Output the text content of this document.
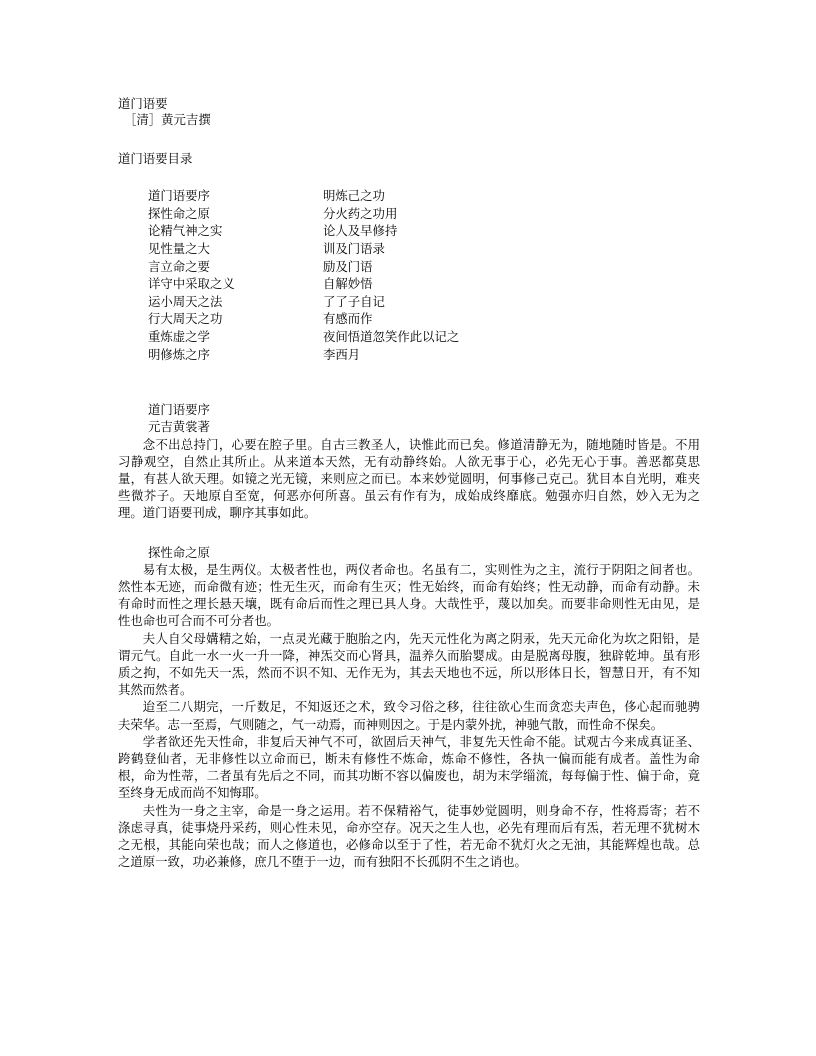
道门语要
［清］黄元吉撰
道门语要目录
道门语要序	明炼己之功
探性命之原	分火药之功用
论精气神之实	论人及早修持
见性量之大	训及门语录
言立命之要	励及门语
详守中采取之义	自解妙悟
运小周天之法	了了子自记
行大周天之功	有感而作
重炼虚之学	夜间悟道忽笑作此以记之
明修炼之序	李西月
道门语要序
元吉黄裳著

念不出总持门，心要在腔子里。自古三教圣人，诀惟此而已矣。修道清静无为，随地随时皆是。不用习静观空，自然止其所止。从来道本天然，无有动静终始。人欲无事于心，必先无心于事。善恶都莫思量，有甚人欲天理。如镜之光无镜，来则应之而已。本来妙觉圆明，何事修己克己。犹目本自光明，难夹些微芥子。天地原自至宽，何恶亦何所喜。虽云有作有为，成始成终靡底。勉强亦归自然，妙入无为之理。道门语要刊成，聊序其事如此。

探性命之原

易有太极，是生两仪。太极者性也，两仪者命也。名虽有二，实则性为之主，流行于阴阳之间者也。然性本无迹，而命微有迹；性无生灭，而命有生灭；性无始终，而命有始终；性无动静，而命有动静。未有命时而性之理长悬天壤，既有命后而性之理已具人身。大哉性乎，蔑以加矣。而要非命则性无由见，是性也命也可合而不可分者也。

夫人自父母媾精之始，一点灵光藏于胞胎之内，先天元性化为离之阴汞，先天元命化为坎之阳铅，是谓元气。自此一水一火一升一降，神炁交而心肾具，温养久而胎婴成。由是脱离母腹，独辟乾坤。虽有形质之拘，不如先天一炁，然而不识不知、无作无为，其去天地也不远，所以形体日长，智慧日开，有不知其然而然者。

迨至二八期完，一斤数足，不知返还之术，致令习俗之移，往往欲心生而贪恋夫声色，侈心起而驰骋夫荣华。志一至焉，气则随之，气一动焉，而神则因之。于是内蒙外扰，神驰气散，而性命不保矣。

学者欲还先天性命，非复后天神气不可，欲固后天神气，非复先天性命不能。试观古今来成真证圣、跨鹤登仙者，无非修性以立命而已，断未有修性不炼命，炼命不修性，各执一偏而能有成者。盖性为命根，命为性蒂，二者虽有先后之不同，而其功断不容以偏废也，胡为末学缁流，每每偏于性、偏于命，竟至终身无成而尚不知悔耶。

夫性为一身之主宰，命是一身之运用。若不保精裕气，徒事妙觉圆明，则身命不存，性将焉寄；若不涤虑寻真，徒事烧丹采药，则心性未见，命亦空存。况天之生人也，必先有理而后有炁，若无理不犹树木之无根，其能向荣也哉；而人之修道也，必修命以至于了性，若无命不犹灯火之无油，其能辉煌也哉。总之道原一致，功必兼修，庶几不堕于一边，而有独阳不长孤阴不生之诮也。
